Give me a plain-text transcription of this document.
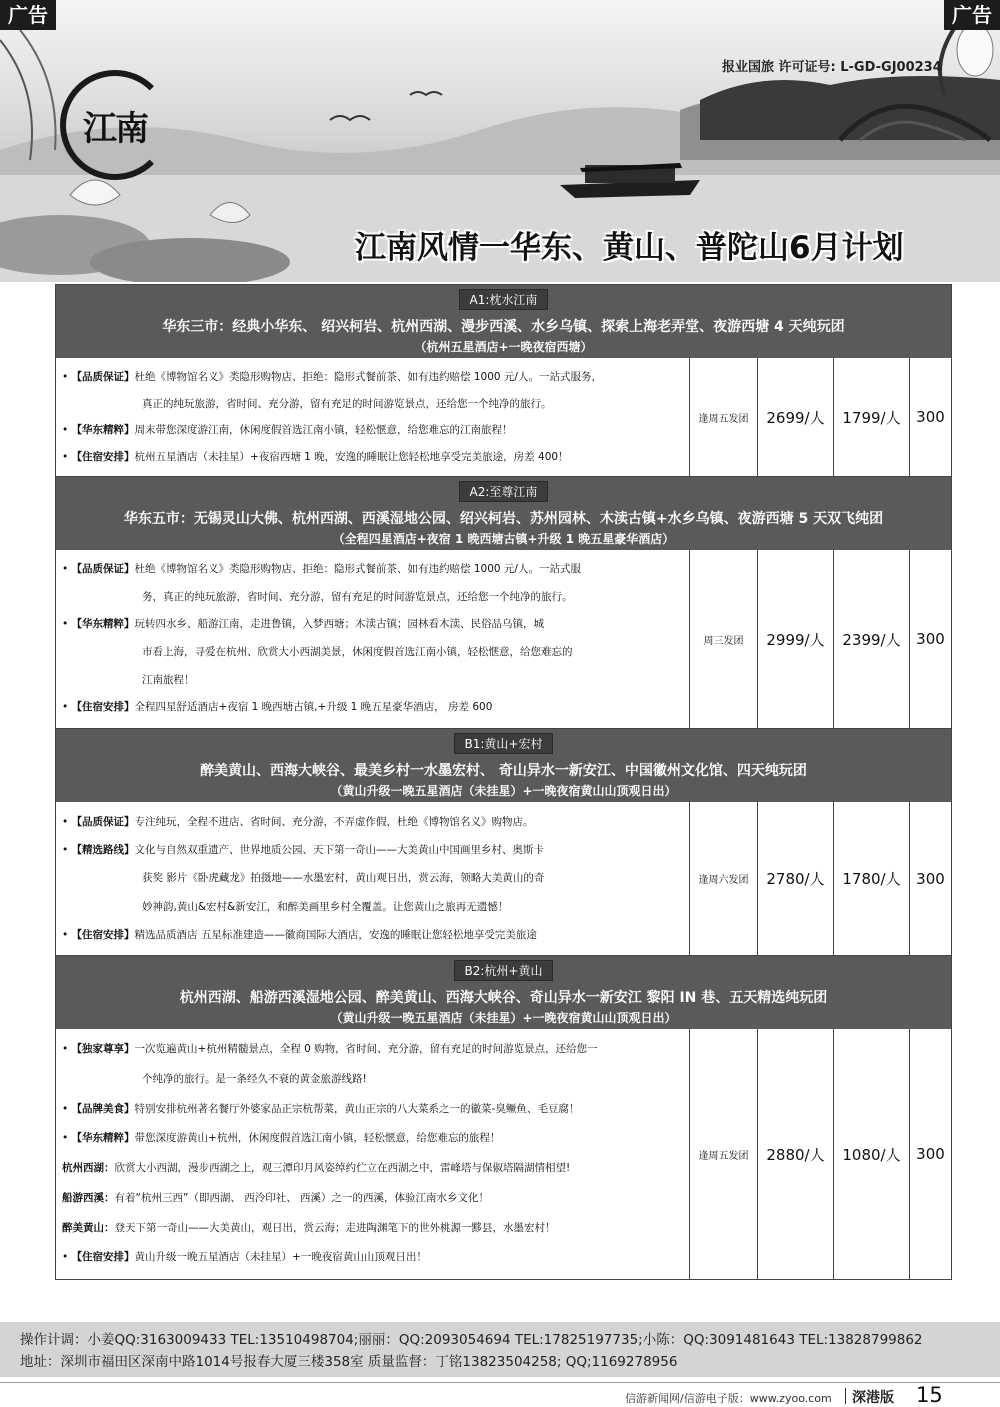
广告	广告
江南
报业国旅 许可证号: L-GD-GJ00234
江南风情一华东、黄山、普陀山6月计划
A1:枕水江南
华东三市：经典小华东、 绍兴柯岩、杭州西湖、漫步西溪、水乡乌镇、探索上海老弄堂、夜游西塘 4 天纯玩团
（杭州五星酒店+一晚夜宿西塘）
• 【品质保证】杜绝《博物馆名义》类隐形购物店、拒绝：隐形式餐前茶、如有违约赔偿 1000 元/人。一站式服务，
真正的纯玩旅游，省时间、充分游，留有充足的时间游览景点，还给您一个纯净的旅行。
• 【华东精粹】周末带您深度游江南，休闲度假首选江南小镇，轻松惬意，给您难忘的江南旅程！
• 【住宿安排】杭州五星酒店（未挂星）+夜宿西塘 1 晚，安逸的睡眠让您轻松地享受完美旅途，房差 400！
逢周五发团	2699/人	1799/人	300
A2:至尊江南
华东五市：无锡灵山大佛、杭州西湖、西溪湿地公园、绍兴柯岩、苏州园林、木渎古镇+水乡乌镇、夜游西塘 5 天双飞纯团
（全程四星酒店+夜宿 1 晚西塘古镇+升级 1 晚五星豪华酒店）
• 【品质保证】杜绝《博物馆名义》类隐形购物店、拒绝：隐形式餐前茶、如有违约赔偿 1000 元/人。一站式服
务，真正的纯玩旅游，省时间、充分游，留有充足的时间游览景点，还给您一个纯净的旅行。
• 【华东精粹】玩转四水乡、船游江南，走进鲁镇，入梦西塘；木渎古镇；园林看木渎、民俗品乌镇，城
市看上海，寻爱在杭州、欣赏大小西湖美景，休闲度假首选江南小镇，轻松惬意，给您难忘的
江南旅程！
• 【住宿安排】全程四星舒适酒店+夜宿 1 晚西塘古镇,+升级 1 晚五星豪华酒店， 房差 600
周三发团	2999/人	2399/人	300
B1:黄山+宏村
醉美黄山、西海大峡谷、最美乡村一水墨宏村、 奇山异水一新安江、中国徽州文化馆、四天纯玩团
（黄山升级一晚五星酒店（未挂星）+一晚夜宿黄山山顶观日出）
• 【品质保证】专注纯玩，全程不进店、省时间、充分游，不弄虚作假，杜绝《博物馆名义》购物店。
• 【精选路线】文化与自然双重遗产、世界地质公园、天下第一奇山——大美黄山中国画里乡村、奥斯卡
获奖 影片《卧虎藏龙》拍摄地——水墨宏村，黄山观日出，赏云海，领略大美黄山的奇
妙神韵,黄山&宏村&新安江，和醉美画里乡村全覆盖。让您黄山之旅再无遗憾！
• 【住宿安排】精选品质酒店 五星标准建造——徽商国际大酒店，安逸的睡眠让您轻松地享受完美旅途
逢周六发团	2780/人	1780/人	300
B2:杭州+黄山
杭州西湖、船游西溪湿地公园、醉美黄山、西海大峡谷、奇山异水一新安江 黎阳 IN 巷、五天精选纯玩团
（黄山升级一晚五星酒店（未挂星）+一晚夜宿黄山山顶观日出）
• 【独家尊享】一次览遍黄山+杭州精髓景点，全程 0 购物，省时间、充分游，留有充足的时间游览景点，还给您一
个纯净的旅行。是一条经久不衰的黄金旅游线路!
• 【品牌美食】特别安排杭州著名餐厅外婆家品正宗杭帮菜，黄山正宗的八大菜系之一的徽菜-臭鳜鱼、毛豆腐！
• 【华东精粹】带您深度游黄山+杭州，休闲度假首选江南小镇，轻松惬意，给您难忘的旅程！
杭州西湖：欣赏大小西湖，漫步西湖之上，观三潭印月风姿绰约伫立在西湖之中，雷峰塔与保俶塔隔湖情相望!
船游西溪：有着“杭州三西”（即西湖、 西泠印社、 西溪）之一的西溪，体验江南水乡文化！
醉美黄山：登天下第一奇山——大美黄山，观日出，赏云海；走进陶渊笔下的世外桃源一黟县，水墨宏村！
• 【住宿安排】黄山升级一晚五星酒店（未挂星）+一晚夜宿黄山山顶观日出！
逢周五发团	2880/人	1080/人	300
操作计调：小姜QQ:3163009433 TEL:13510498704;丽丽：QQ:2093054694 TEL:17825197735;小陈：QQ:3091481643 TEL:13828799862
地址：深圳市福田区深南中路1014号报春大厦三楼358室 质量监督：丁铭13823504258; QQ;1169278956
信游新闻网/信游电子版：www.zyoo.com 深港版 15
